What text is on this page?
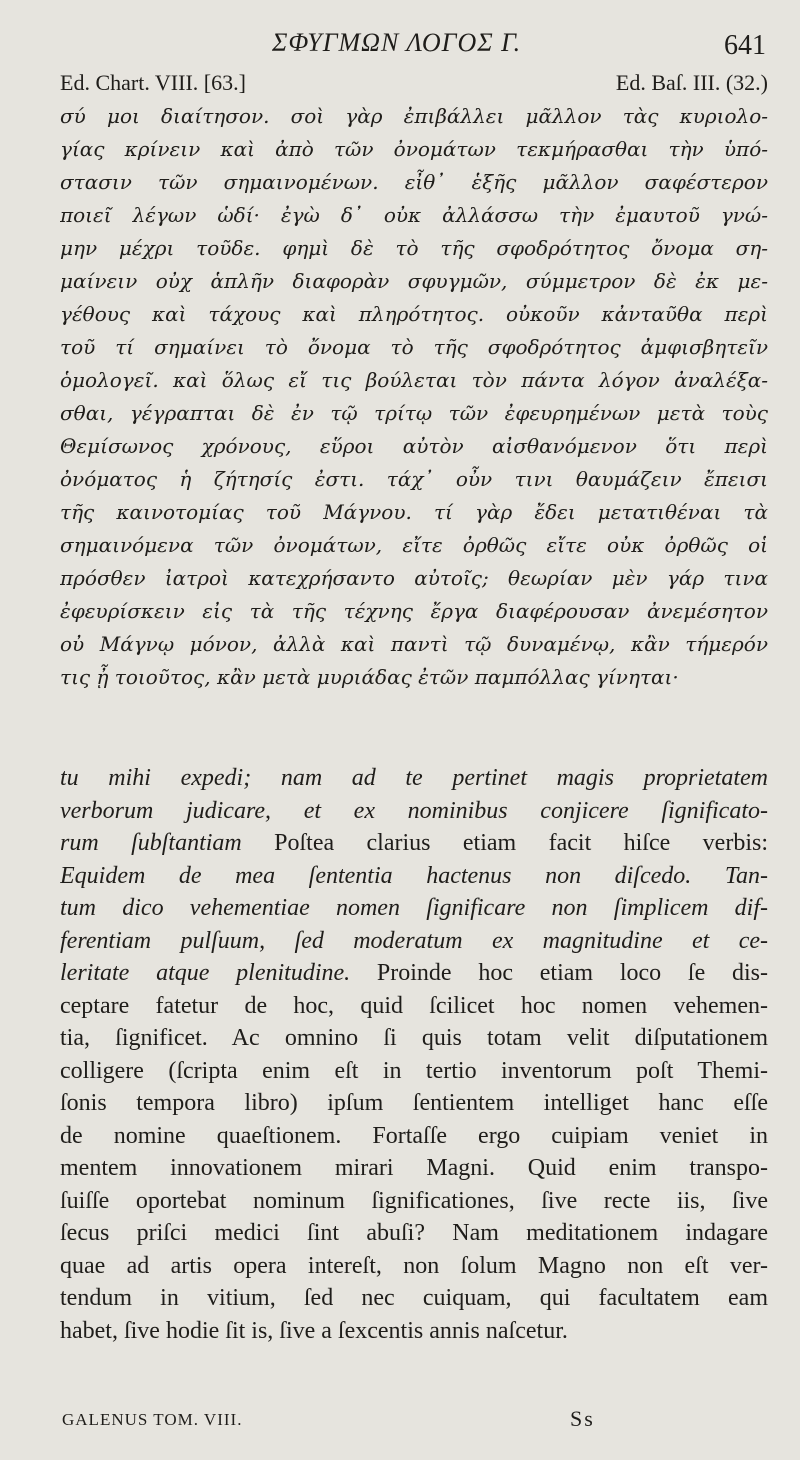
ΣΦΥΓΜΩΝ ΛΟΓΟΣ Γ.	641
Ed. Chart. VIII. [63.]	Ed. Baſ. III. (32.)
σύ μοι διαίτησον. σοὶ γὰρ ἐπιβάλλει μᾶλλον τὰς κυριολο-
γίας κρίνειν καὶ ἀπὸ τῶν ὀνομάτων τεκμήρασθαι τὴν ὑπό-
στασιν τῶν σημαινομένων. εἶθ᾽ ἑξῆς μᾶλλον σαφέστερον
ποιεῖ λέγων ὡδί· ἐγὼ δ᾽ οὐκ ἀλλάσσω τὴν ἐμαυτοῦ γνώ-
μην μέχρι τοῦδε. φημὶ δὲ τὸ τῆς σφοδρότητος ὄνομα ση-
μαίνειν οὐχ ἁπλῆν διαφορὰν σφυγμῶν, σύμμετρον δὲ ἐκ με-
γέθους καὶ τάχους καὶ πληρότητος. οὐκοῦν κἀνταῦθα περὶ
τοῦ τί σημαίνει τὸ ὄνομα τὸ τῆς σφοδρότητος ἀμφισβητεῖν
ὁμολογεῖ. καὶ ὅλως εἴ τις βούλεται τὸν πάντα λόγον ἀναλέξα-
σθαι, γέγραπται δὲ ἐν τῷ τρίτῳ τῶν ἐφευρημένων μετὰ τοὺς
Θεμίσωνος χρόνους, εὕροι αὐτὸν αἰσθανόμενον ὅτι περὶ
ὀνόματος ἡ ζήτησίς ἐστι. τάχ᾽ οὖν τινι θαυμάζειν ἔπεισι
τῆς καινοτομίας τοῦ Μάγνου. τί γὰρ ἔδει μετατιθέναι τὰ
σημαινόμενα τῶν ὀνομάτων, εἴτε ὀρθῶς εἴτε οὐκ ὀρθῶς οἱ
πρόσθεν ἰατροὶ κατεχρήσαντο αὐτοῖς; θεωρίαν μὲν γάρ τινα
ἐφευρίσκειν εἰς τὰ τῆς τέχνης ἔργα διαφέρουσαν ἀνεμέσητον
οὐ Μάγνῳ μόνον, ἀλλὰ καὶ παντὶ τῷ δυναμένῳ, κἂν τήμερόν
τις ᾖ τοιοῦτος, κἂν μετὰ μυριάδας ἐτῶν παμπόλλας γίνηται·
tu mihi expedi; nam ad te pertinet magis proprietatem
verborum judicare, et ex nominibus conjicere ſignificato-
rum ſubſtantiam Poſtea clarius etiam facit hiſce verbis:
Equidem de mea ſententia hactenus non diſcedo. Tan-
tum dico vehementiae nomen ſignificare non ſimplicem dif-
ferentiam pulſuum, ſed moderatum ex magnitudine et ce-
leritate atque plenitudine. Proinde hoc etiam loco ſe dis-
ceptare fatetur de hoc, quid ſcilicet hoc nomen vehemen-
tia, ſignificet. Ac omnino ſi quis totam velit diſputationem
colligere (ſcripta enim eſt in tertio inventorum poſt Themi-
ſonis tempora libro) ipſum ſentientem intelliget hanc eſſe
de nomine quaeſtionem. Fortaſſe ergo cuipiam veniet in
mentem innovationem mirari Magni. Quid enim transpo-
ſuiſſe oportebat nominum ſignificationes, ſive recte iis, ſive
ſecus priſci medici ſint abuſi? Nam meditationem indagare
quae ad artis opera intereſt, non ſolum Magno non eſt ver-
tendum in vitium, ſed nec cuiquam, qui facultatem eam
habet, ſive hodie ſit is, ſive a ſexcentis annis naſcetur.
GALENUS TOM. VIII.	Ss
